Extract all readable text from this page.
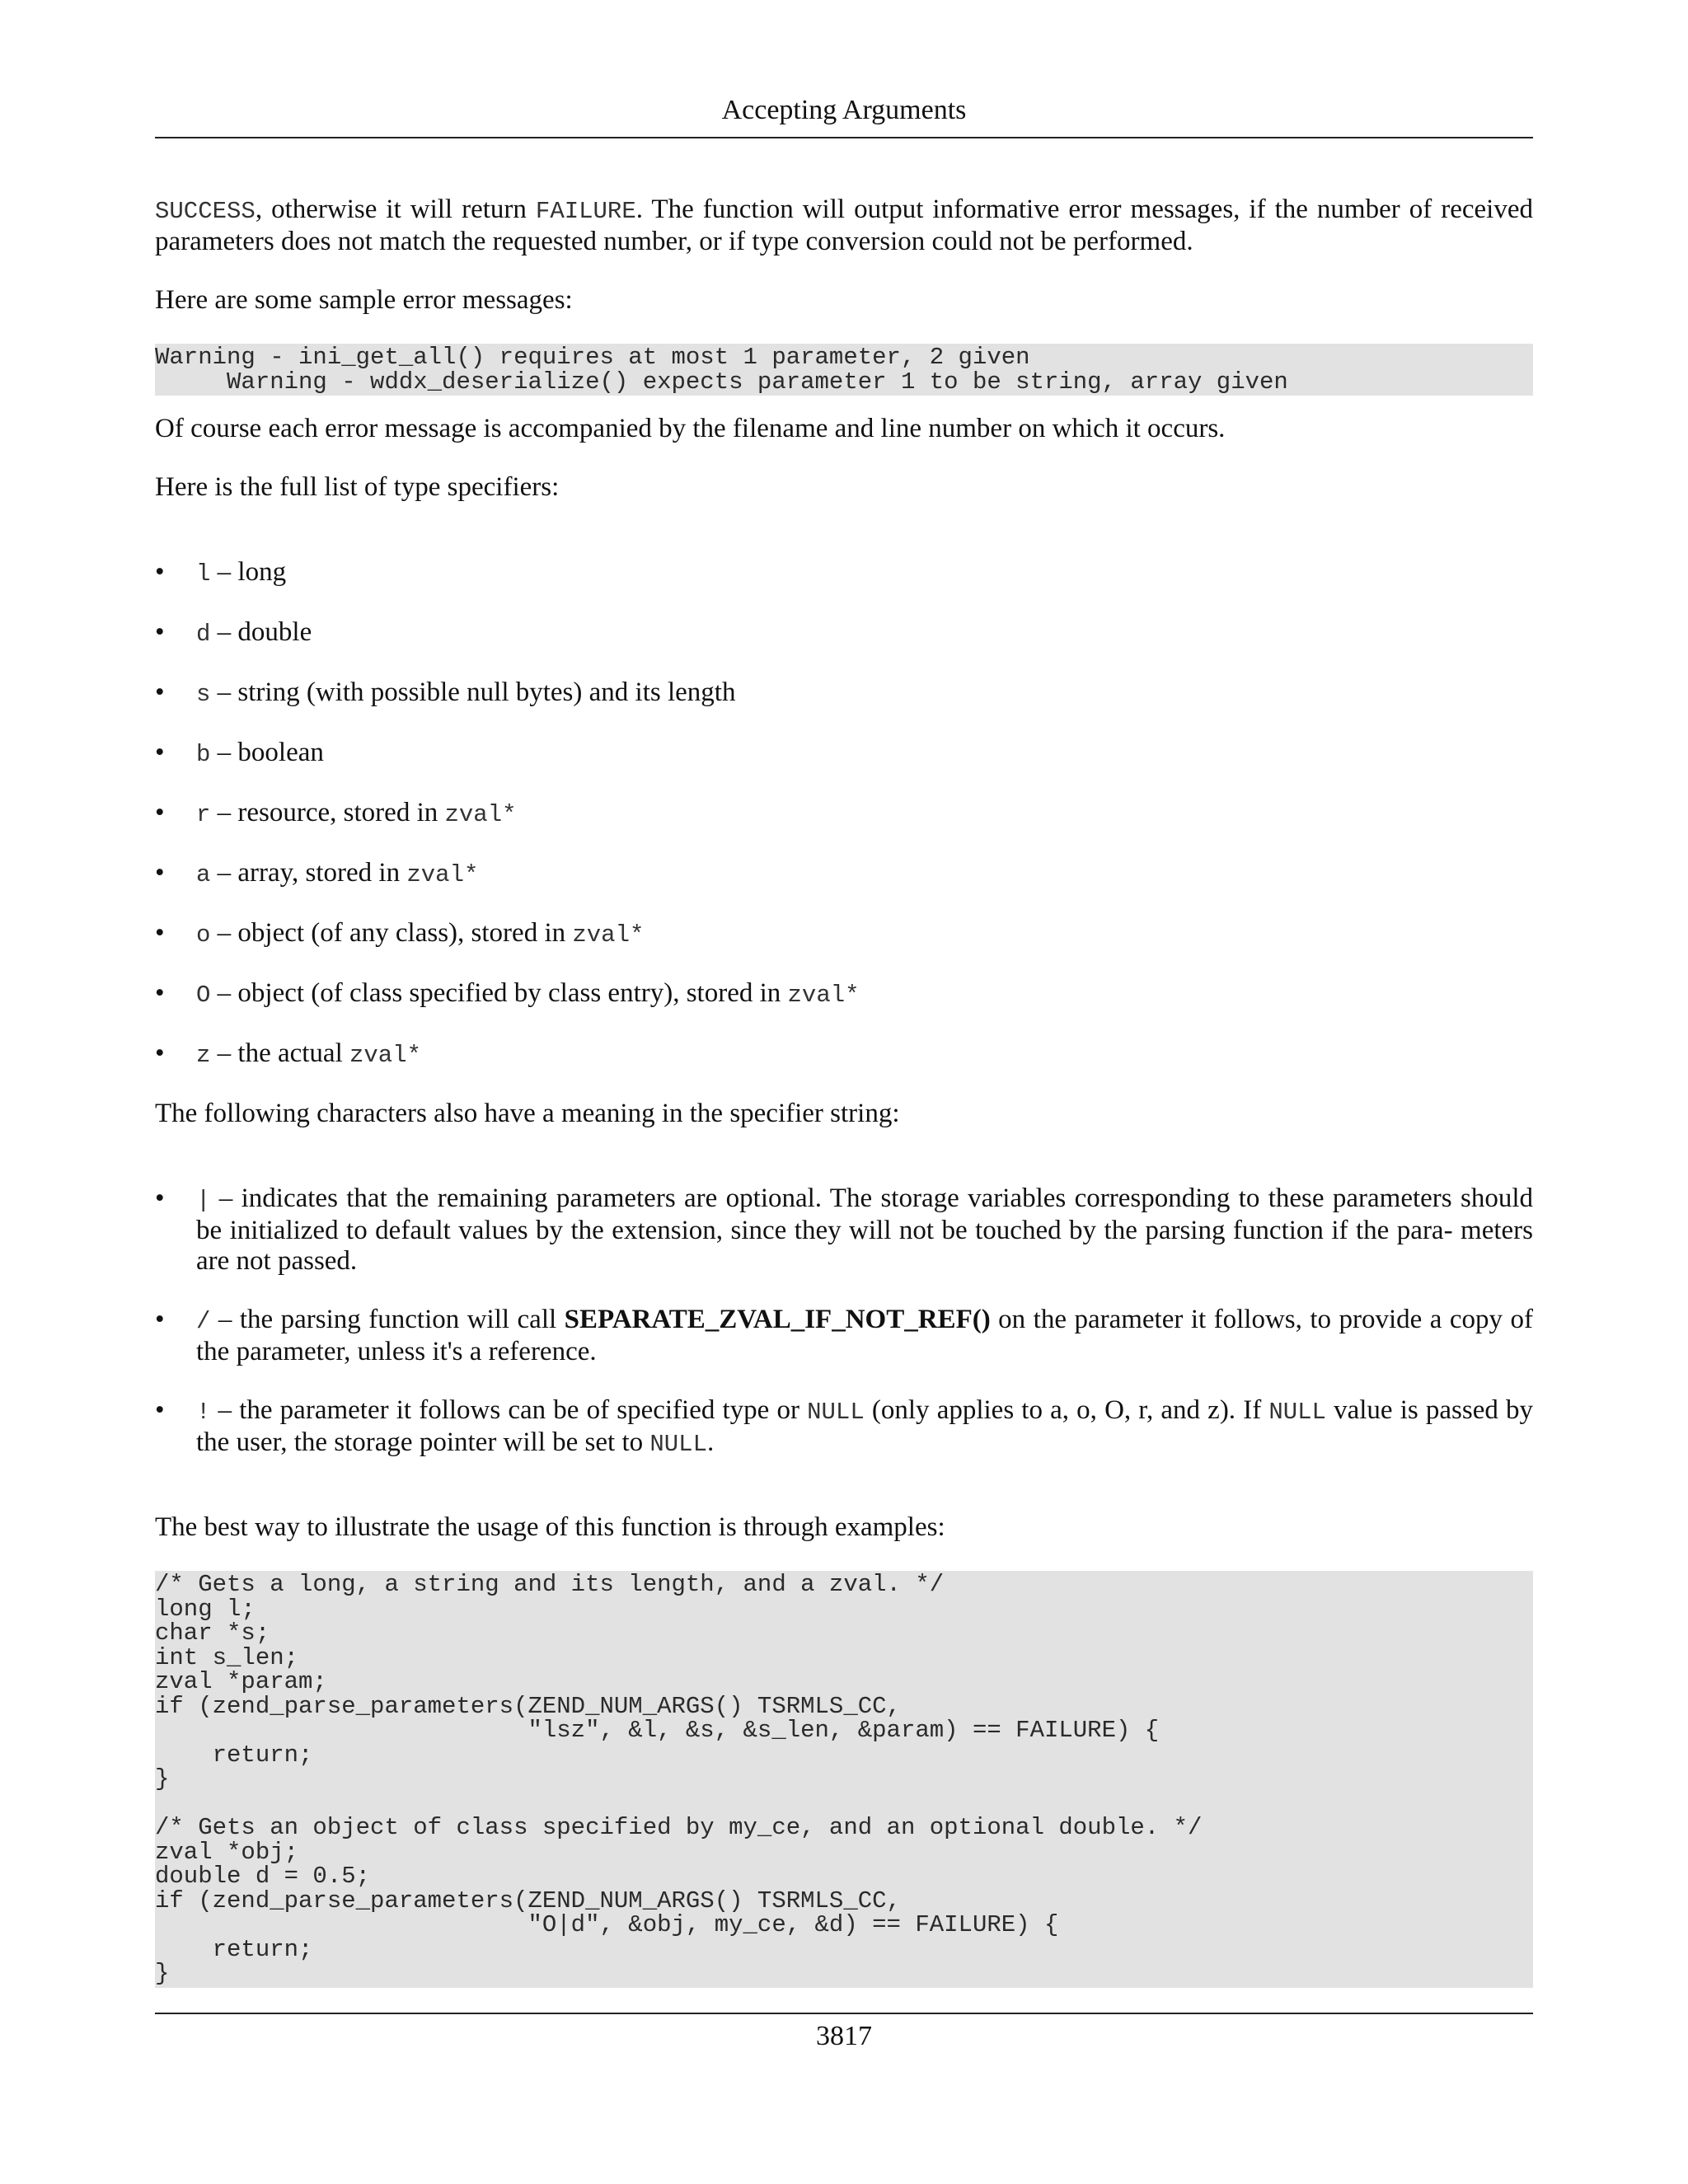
Accepting Arguments

SUCCESS, otherwise it will return FAILURE. The function will output informative error messages, if the number of received parameters does not match the requested number, or if type conversion could not be performed.

Here are some sample error messages:

Warning - ini_get_all() requires at most 1 parameter, 2 given
Warning - wddx_deserialize() expects parameter 1 to be string, array given

Of course each error message is accompanied by the filename and line number on which it occurs.

Here is the full list of type specifiers:

• l – long
• d – double
• s – string (with possible null bytes) and its length
• b – boolean
• r – resource, stored in zval*
• a – array, stored in zval*
• o – object (of any class), stored in zval*
• O – object (of class specified by class entry), stored in zval*
• z – the actual zval*

The following characters also have a meaning in the specifier string:

• | – indicates that the remaining parameters are optional. The storage variables corresponding to these parameters should be initialized to default values by the extension, since they will not be touched by the parsing function if the para- meters are not passed.
• / – the parsing function will call SEPARATE_ZVAL_IF_NOT_REF() on the parameter it follows, to provide a copy of the parameter, unless it's a reference.
• ! – the parameter it follows can be of specified type or NULL (only applies to a, o, O, r, and z). If NULL value is passed by the user, the storage pointer will be set to NULL.

The best way to illustrate the usage of this function is through examples:

/* Gets a long, a string and its length, and a zval. */
long l;
char *s;
int s_len;
zval *param;
if (zend_parse_parameters(ZEND_NUM_ARGS() TSRMLS_CC,
"lsz", &l, &s, &s_len, &param) == FAILURE) {
return;
}

/* Gets an object of class specified by my_ce, and an optional double. */
zval *obj;
double d = 0.5;
if (zend_parse_parameters(ZEND_NUM_ARGS() TSRMLS_CC,
"O|d", &obj, my_ce, &d) == FAILURE) {
return;
}
3817
